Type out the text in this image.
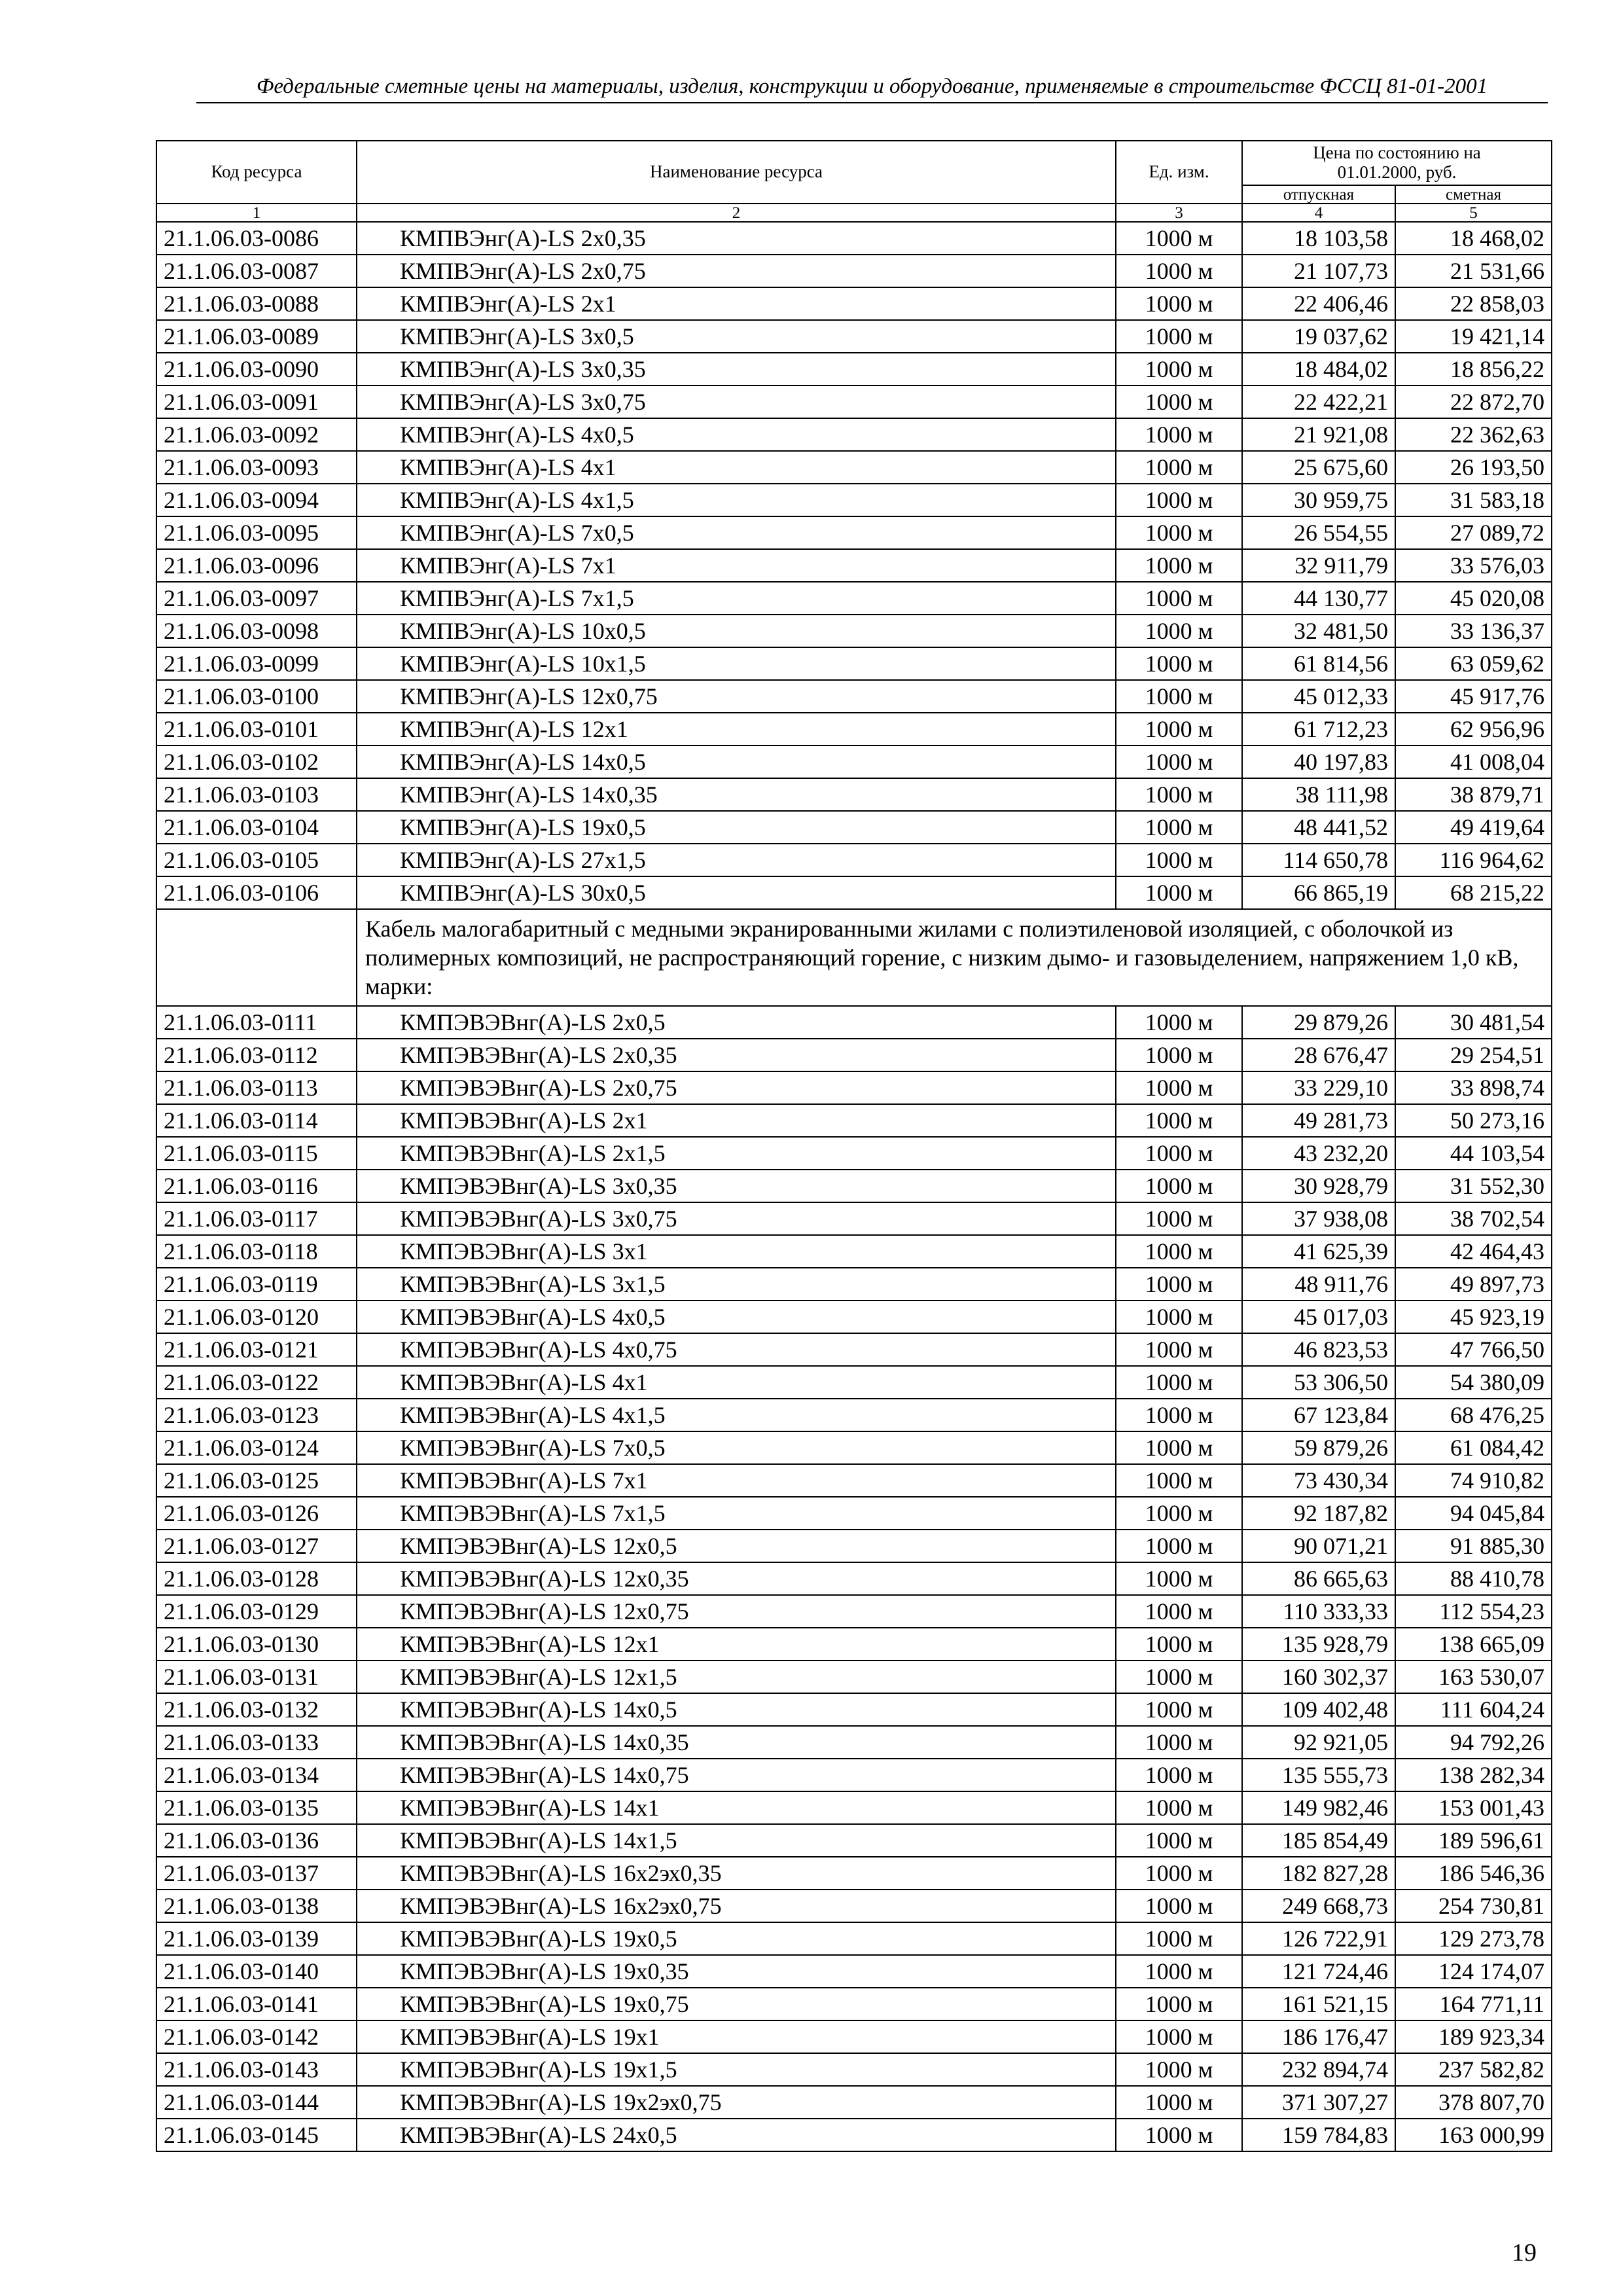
Федеральные сметные цены на материалы, изделия, конструкции и оборудование, применяемые в строительстве ФССЦ 81-01-2001
Код ресурса	Наименование ресурса	Ед. изм.	Цена по состоянию на 01.01.2000, руб.	
			отпускная	сметная
1	2	3	4	5
21.1.06.03-0086	КМПВЭнг(А)-LS 2х0,35	1000 м	18 103,58	18 468,02
21.1.06.03-0087	КМПВЭнг(А)-LS 2х0,75	1000 м	21 107,73	21 531,66
21.1.06.03-0088	КМПВЭнг(А)-LS 2х1	1000 м	22 406,46	22 858,03
21.1.06.03-0089	КМПВЭнг(А)-LS 3х0,5	1000 м	19 037,62	19 421,14
21.1.06.03-0090	КМПВЭнг(А)-LS 3х0,35	1000 м	18 484,02	18 856,22
21.1.06.03-0091	КМПВЭнг(А)-LS 3х0,75	1000 м	22 422,21	22 872,70
21.1.06.03-0092	КМПВЭнг(А)-LS 4х0,5	1000 м	21 921,08	22 362,63
21.1.06.03-0093	КМПВЭнг(А)-LS 4х1	1000 м	25 675,60	26 193,50
21.1.06.03-0094	КМПВЭнг(А)-LS 4х1,5	1000 м	30 959,75	31 583,18
21.1.06.03-0095	КМПВЭнг(А)-LS 7х0,5	1000 м	26 554,55	27 089,72
21.1.06.03-0096	КМПВЭнг(А)-LS 7х1	1000 м	32 911,79	33 576,03
21.1.06.03-0097	КМПВЭнг(А)-LS 7х1,5	1000 м	44 130,77	45 020,08
21.1.06.03-0098	КМПВЭнг(А)-LS 10х0,5	1000 м	32 481,50	33 136,37
21.1.06.03-0099	КМПВЭнг(А)-LS 10х1,5	1000 м	61 814,56	63 059,62
21.1.06.03-0100	КМПВЭнг(А)-LS 12х0,75	1000 м	45 012,33	45 917,76
21.1.06.03-0101	КМПВЭнг(А)-LS 12х1	1000 м	61 712,23	62 956,96
21.1.06.03-0102	КМПВЭнг(А)-LS 14х0,5	1000 м	40 197,83	41 008,04
21.1.06.03-0103	КМПВЭнг(А)-LS 14х0,35	1000 м	38 111,98	38 879,71
21.1.06.03-0104	КМПВЭнг(А)-LS 19х0,5	1000 м	48 441,52	49 419,64
21.1.06.03-0105	КМПВЭнг(А)-LS 27х1,5	1000 м	114 650,78	116 964,62
21.1.06.03-0106	КМПВЭнг(А)-LS 30х0,5	1000 м	66 865,19	68 215,22
	Кабель малогабаритный с медными экранированными жилами с полиэтиленовой изоляцией, с оболочкой из полимерных композиций, не распространяющий горение, с низким дымо- и газовыделением, напряжением 1,0 кВ, марки:			
21.1.06.03-0111	КМПЭВЭВнг(А)-LS 2х0,5	1000 м	29 879,26	30 481,54
21.1.06.03-0112	КМПЭВЭВнг(А)-LS 2х0,35	1000 м	28 676,47	29 254,51
21.1.06.03-0113	КМПЭВЭВнг(А)-LS 2х0,75	1000 м	33 229,10	33 898,74
21.1.06.03-0114	КМПЭВЭВнг(А)-LS 2х1	1000 м	49 281,73	50 273,16
21.1.06.03-0115	КМПЭВЭВнг(А)-LS 2х1,5	1000 м	43 232,20	44 103,54
21.1.06.03-0116	КМПЭВЭВнг(А)-LS 3х0,35	1000 м	30 928,79	31 552,30
21.1.06.03-0117	КМПЭВЭВнг(А)-LS 3х0,75	1000 м	37 938,08	38 702,54
21.1.06.03-0118	КМПЭВЭВнг(А)-LS 3х1	1000 м	41 625,39	42 464,43
21.1.06.03-0119	КМПЭВЭВнг(А)-LS 3х1,5	1000 м	48 911,76	49 897,73
21.1.06.03-0120	КМПЭВЭВнг(А)-LS 4х0,5	1000 м	45 017,03	45 923,19
21.1.06.03-0121	КМПЭВЭВнг(А)-LS 4х0,75	1000 м	46 823,53	47 766,50
21.1.06.03-0122	КМПЭВЭВнг(А)-LS 4х1	1000 м	53 306,50	54 380,09
21.1.06.03-0123	КМПЭВЭВнг(А)-LS 4х1,5	1000 м	67 123,84	68 476,25
21.1.06.03-0124	КМПЭВЭВнг(А)-LS 7х0,5	1000 м	59 879,26	61 084,42
21.1.06.03-0125	КМПЭВЭВнг(А)-LS 7х1	1000 м	73 430,34	74 910,82
21.1.06.03-0126	КМПЭВЭВнг(А)-LS 7х1,5	1000 м	92 187,82	94 045,84
21.1.06.03-0127	КМПЭВЭВнг(А)-LS 12х0,5	1000 м	90 071,21	91 885,30
21.1.06.03-0128	КМПЭВЭВнг(А)-LS 12х0,35	1000 м	86 665,63	88 410,78
21.1.06.03-0129	КМПЭВЭВнг(А)-LS 12х0,75	1000 м	110 333,33	112 554,23
21.1.06.03-0130	КМПЭВЭВнг(А)-LS 12х1	1000 м	135 928,79	138 665,09
21.1.06.03-0131	КМПЭВЭВнг(А)-LS 12х1,5	1000 м	160 302,37	163 530,07
21.1.06.03-0132	КМПЭВЭВнг(А)-LS 14х0,5	1000 м	109 402,48	111 604,24
21.1.06.03-0133	КМПЭВЭВнг(А)-LS 14х0,35	1000 м	92 921,05	94 792,26
21.1.06.03-0134	КМПЭВЭВнг(А)-LS 14х0,75	1000 м	135 555,73	138 282,34
21.1.06.03-0135	КМПЭВЭВнг(А)-LS 14х1	1000 м	149 982,46	153 001,43
21.1.06.03-0136	КМПЭВЭВнг(А)-LS 14х1,5	1000 м	185 854,49	189 596,61
21.1.06.03-0137	КМПЭВЭВнг(А)-LS 16х2эх0,35	1000 м	182 827,28	186 546,36
21.1.06.03-0138	КМПЭВЭВнг(А)-LS 16х2эх0,75	1000 м	249 668,73	254 730,81
21.1.06.03-0139	КМПЭВЭВнг(А)-LS 19х0,5	1000 м	126 722,91	129 273,78
21.1.06.03-0140	КМПЭВЭВнг(А)-LS 19х0,35	1000 м	121 724,46	124 174,07
21.1.06.03-0141	КМПЭВЭВнг(А)-LS 19х0,75	1000 м	161 521,15	164 771,11
21.1.06.03-0142	КМПЭВЭВнг(А)-LS 19х1	1000 м	186 176,47	189 923,34
21.1.06.03-0143	КМПЭВЭВнг(А)-LS 19х1,5	1000 м	232 894,74	237 582,82
21.1.06.03-0144	КМПЭВЭВнг(А)-LS 19х2эх0,75	1000 м	371 307,27	378 807,70
21.1.06.03-0145	КМПЭВЭВнг(А)-LS 24х0,5	1000 м	159 784,83	163 000,99
19
